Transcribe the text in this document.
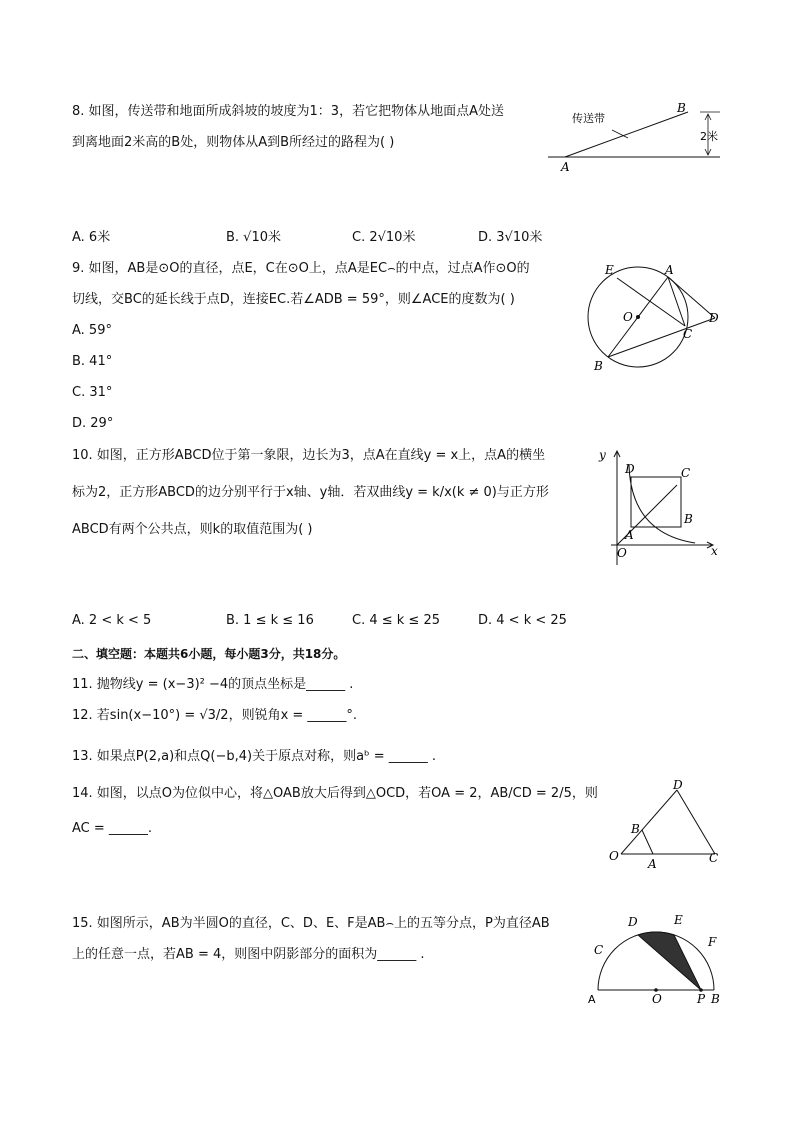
8. 如图，传送带和地面所成斜坡的坡度为1：3，若它把物体从地面点A处送
到离地面2米高的B处，则物体从A到B所经过的路程为( )
传送带
2米
A
B
A. 6米	B. √10米	C. 2√10米	D. 3√10米
9. 如图，AB是⊙O的直径，点E，C在⊙O上，点A是EC⌢的中点，过点A作⊙O的
切线，交BC的延长线于点D，连接EC.若∠ADB = 59°，则∠ACE的度数为( )
A. 59°
B. 41°
C. 31°
D. 29°
E	A
O
C
D
B
10. 如图，正方形ABCD位于第一象限，边长为3，点A在直线y = x上，点A的横坐
标为2，正方形ABCD的边分别平行于x轴、y轴．若双曲线y = k/x(k ≠ 0)与正方形
ABCD有两个公共点，则k的取值范围为( )
y
x
O
A
B
C
D
A. 2 < k < 5	B. 1 ≤ k ≤ 16	C. 4 ≤ k ≤ 25	D. 4 < k < 25
二、填空题：本题共6小题，每小题3分，共18分。
11. 抛物线y = (x−3)² −4的顶点坐标是______ .
12. 若sin(x−10°) = √3/2，则锐角x = ______°.
13. 如果点P(2,a)和点Q(−b,4)关于原点对称，则aᵇ = ______ .
14. 如图，以点O为位似中心，将△OAB放大后得到△OCD，若OA = 2，AB/CD = 2/5，则
AC = ______.
D
B
O
A	C
15. 如图所示，AB为半圆O的直径，C、D、E、F是AB⌢上的五等分点，P为直径AB
上的任意一点，若AB = 4，则图中阴影部分的面积为______ .
A	O	P B
C
D	E
F
